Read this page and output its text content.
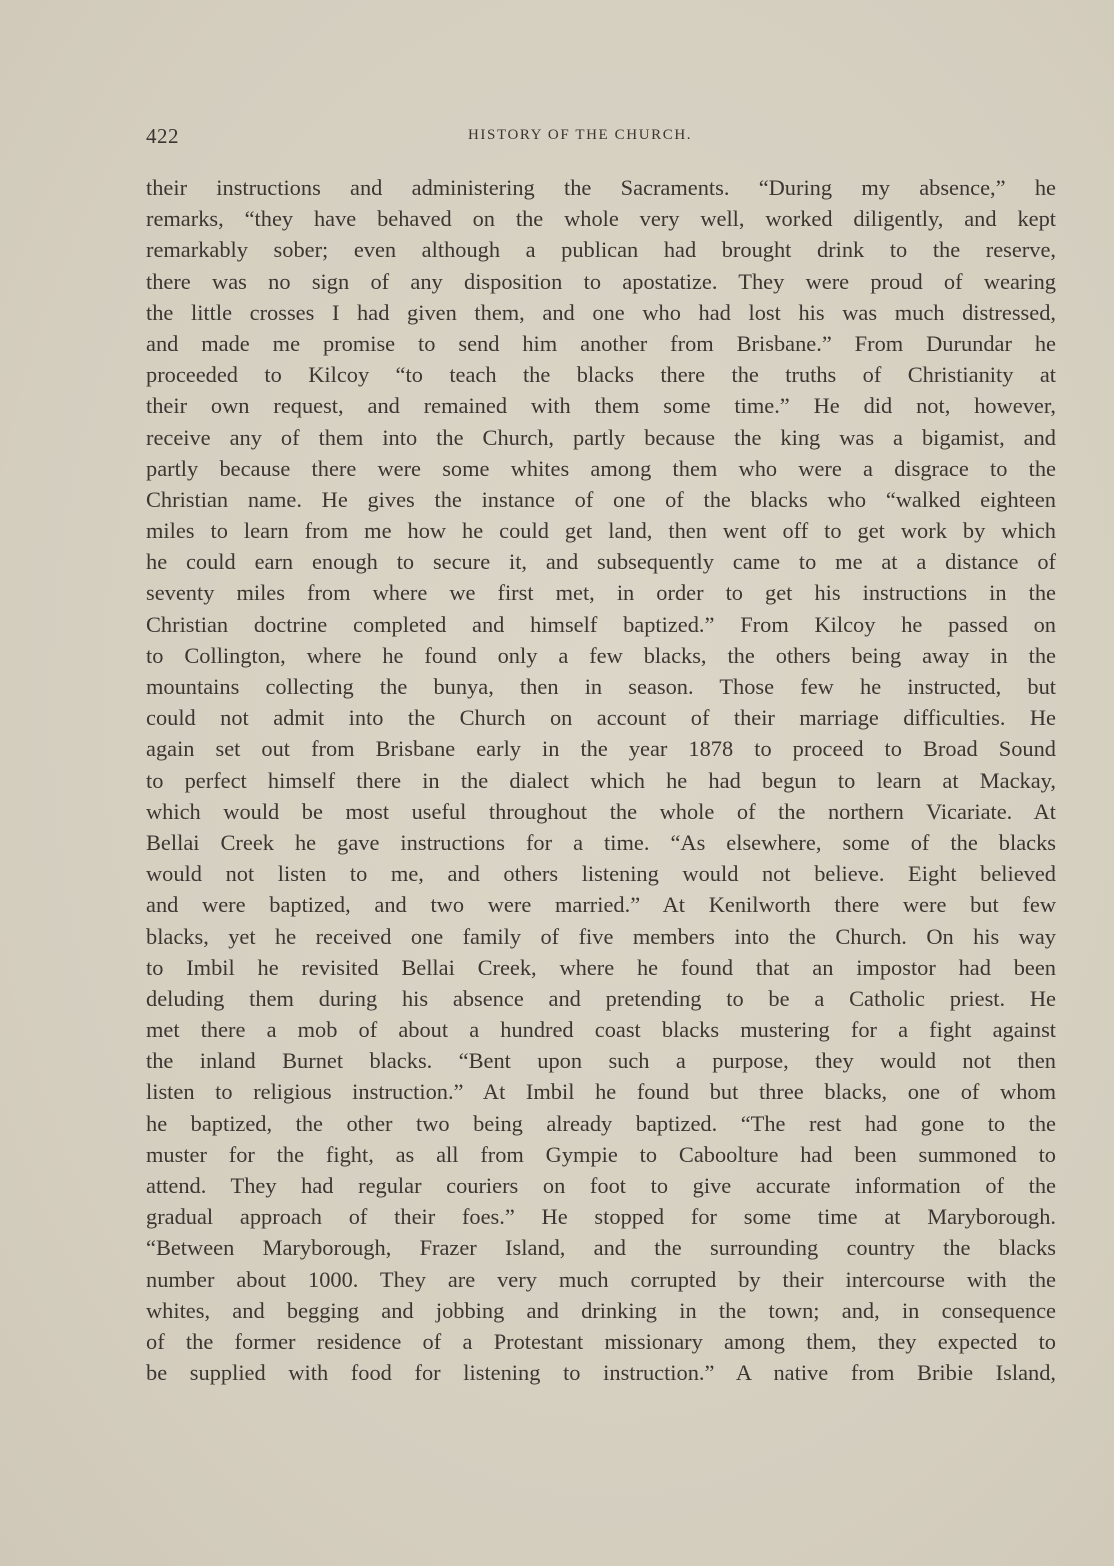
422	HISTORY OF THE CHURCH.
their instructions and administering the Sacraments. “During my absence,” he
remarks, “they have behaved on the whole very well, worked diligently, and kept
remarkably sober; even although a publican had brought drink to the reserve,
there was no sign of any disposition to apostatize. They were proud of wearing
the little crosses I had given them, and one who had lost his was much distressed,
and made me promise to send him another from Brisbane.” From Durundar he
proceeded to Kilcoy “to teach the blacks there the truths of Christianity at
their own request, and remained with them some time.” He did not, however,
receive any of them into the Church, partly because the king was a bigamist, and
partly because there were some whites among them who were a disgrace to the
Christian name. He gives the instance of one of the blacks who “walked eighteen
miles to learn from me how he could get land, then went off to get work by which
he could earn enough to secure it, and subsequently came to me at a distance of
seventy miles from where we first met, in order to get his instructions in the
Christian doctrine completed and himself baptized.” From Kilcoy he passed on
to Collington, where he found only a few blacks, the others being away in the
mountains collecting the bunya, then in season. Those few he instructed, but
could not admit into the Church on account of their marriage difficulties. He
again set out from Brisbane early in the year 1878 to proceed to Broad Sound
to perfect himself there in the dialect which he had begun to learn at Mackay,
which would be most useful throughout the whole of the northern Vicariate. At
Bellai Creek he gave instructions for a time. “As elsewhere, some of the blacks
would not listen to me, and others listening would not believe. Eight believed
and were baptized, and two were married.” At Kenilworth there were but few
blacks, yet he received one family of five members into the Church. On his way
to Imbil he revisited Bellai Creek, where he found that an impostor had been
deluding them during his absence and pretending to be a Catholic priest. He
met there a mob of about a hundred coast blacks mustering for a fight against
the inland Burnet blacks. “Bent upon such a purpose, they would not then
listen to religious instruction.” At Imbil he found but three blacks, one of whom
he baptized, the other two being already baptized. “The rest had gone to the
muster for the fight, as all from Gympie to Caboolture had been summoned to
attend. They had regular couriers on foot to give accurate information of the
gradual approach of their foes.” He stopped for some time at Maryborough.
“Between Maryborough, Frazer Island, and the surrounding country the blacks
number about 1000. They are very much corrupted by their intercourse with the
whites, and begging and jobbing and drinking in the town; and, in consequence
of the former residence of a Protestant missionary among them, they expected to
be supplied with food for listening to instruction.” A native from Bribie Island,
